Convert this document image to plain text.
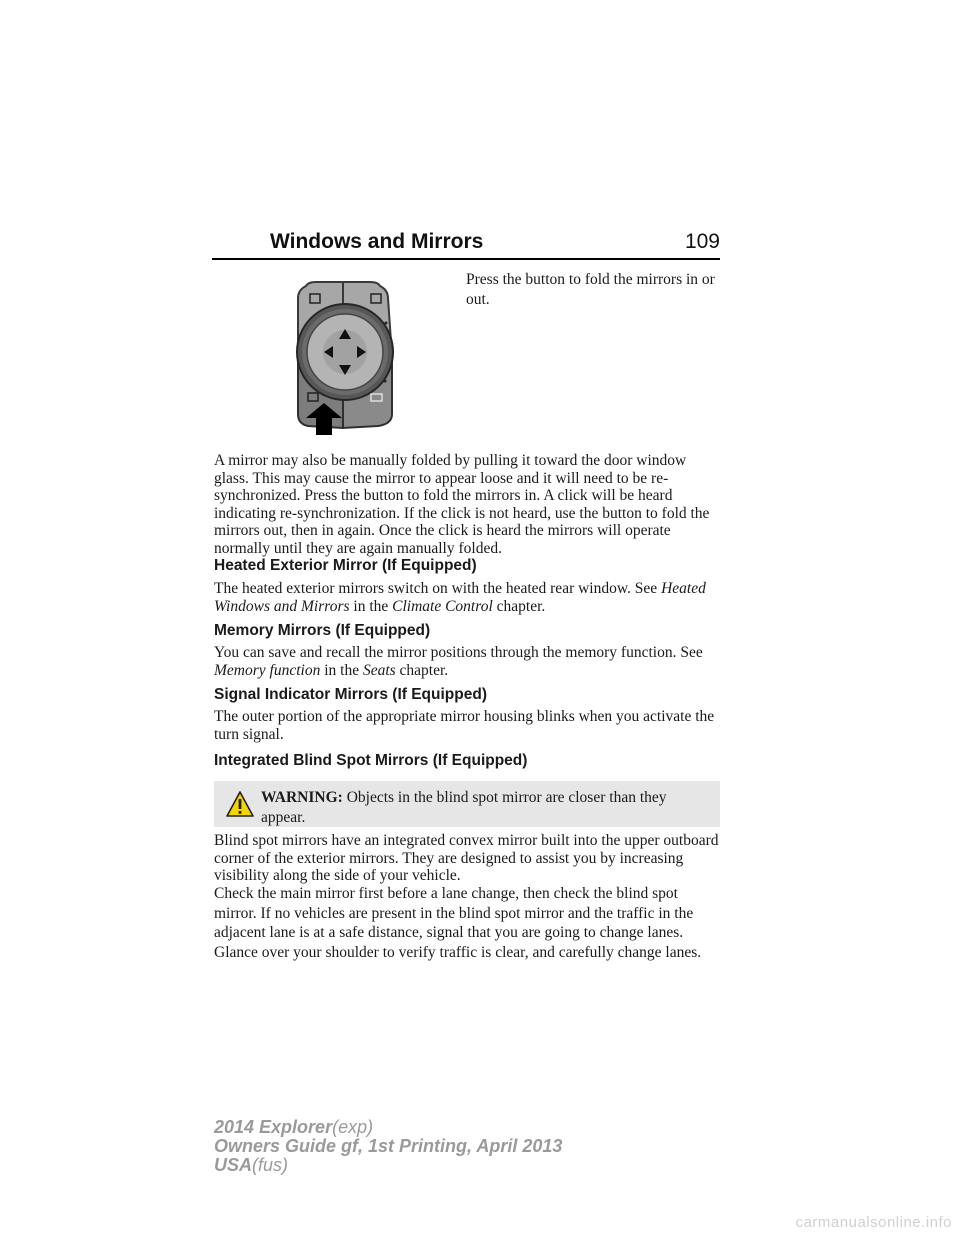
Windows and Mirrors	109
Press the button to fold the mirrors in or out.

A mirror may also be manually folded by pulling it toward the door window glass. This may cause the mirror to appear loose and it will need to be re-synchronized. Press the button to fold the mirrors in. A click will be heard indicating re-synchronization. If the click is not heard, use the button to fold the mirrors out, then in again. Once the click is heard the mirrors will operate normally until they are again manually folded.

Heated Exterior Mirror (If Equipped)

The heated exterior mirrors switch on with the heated rear window. See Heated Windows and Mirrors in the Climate Control chapter.

Memory Mirrors (If Equipped)

You can save and recall the mirror positions through the memory function. See Memory function in the Seats chapter.

Signal Indicator Mirrors (If Equipped)

The outer portion of the appropriate mirror housing blinks when you activate the turn signal.

Integrated Blind Spot Mirrors (If Equipped)
WARNING: Objects in the blind spot mirror are closer than they appear.

Blind spot mirrors have an integrated convex mirror built into the upper outboard corner of the exterior mirrors. They are designed to assist you by increasing visibility along the side of your vehicle.

Check the main mirror first before a lane change, then check the blind spot mirror. If no vehicles are present in the blind spot mirror and the traffic in the adjacent lane is at a safe distance, signal that you are going to change lanes. Glance over your shoulder to verify traffic is clear, and carefully change lanes.

2014 Explorer(exp)
Owners Guide gf, 1st Printing, April 2013
USA(fus)
carmanualsonline.info
